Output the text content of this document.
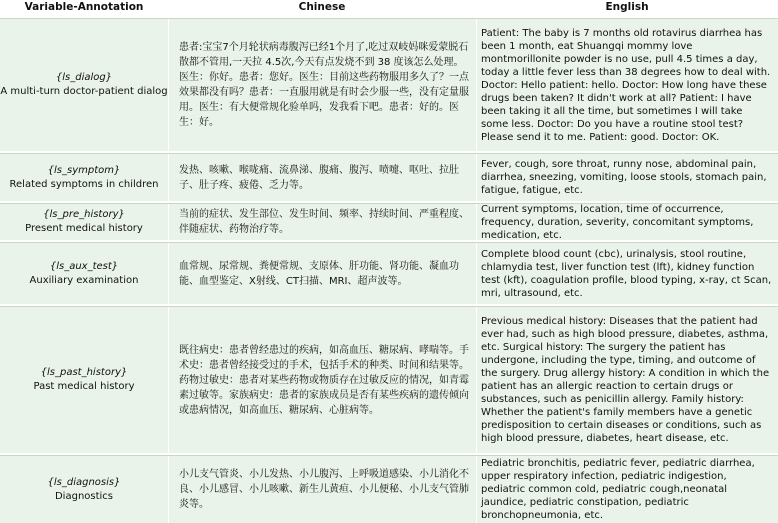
Variable-Annotation	Chinese	English
{ls_dialog}
A multi-turn doctor-patient dialog
患者:宝宝7个月轮状病毒腹泻已经1个月了,吃过双岐妈咪爱蒙脱石散都不管用,一天拉 4.5次,今天有点发烧不到 38 度该怎么处理。医生：你好。患者：您好。医生：目前这些药物服用多久了？一点效果都没有吗？患者：一直服用就是有时会少服一些，没有定量服用。医生：有大便常规化验单吗，发我看下吧。患者：好的。医生：好。
Patient: The baby is 7 months old rotavirus diarrhea has been 1 month, eat Shuangqi mommy love montmorillonite powder is no use, pull 4.5 times a day, today a little fever less than 38 degrees how to deal with. Doctor: Hello patient: hello. Doctor: How long have these drugs been taken? It didn't work at all? Patient: I have been taking it all the time, but sometimes I will take some less. Doctor: Do you have a routine stool test? Please send it to me. Patient: good. Doctor: OK.
{ls_symptom}
Related symptoms in children
发热、咳嗽、喉咙痛、流鼻涕、腹痛、腹泻、喷嚏、呕吐、拉肚子、肚子疼、疲倦、乏力等。
Fever, cough, sore throat, runny nose, abdominal pain, diarrhea, sneezing, vomiting, loose stools, stomach pain, fatigue, fatigue, etc.
{ls_pre_history}
Present medical history
当前的症状、发生部位、发生时间、频率、持续时间、严重程度、伴随症状、药物治疗等。
Current symptoms, location, time of occurrence, frequency, duration, severity, concomitant symptoms, medication, etc.
{ls_aux_test}
Auxiliary examination
血常规、尿常规、粪便常规、支原体、肝功能、肾功能、凝血功能、血型鉴定、X射线、CT扫描、MRI、超声波等。
Complete blood count (cbc), urinalysis, stool routine, chlamydia test, liver function test (lft), kidney function test (kft), coagulation profile, blood typing, x-ray, ct Scan, mri, ultrasound, etc.
{ls_past_history}
Past medical history
既往病史：患者曾经患过的疾病，如高血压、糖尿病、哮喘等。手术史：患者曾经接受过的手术，包括手术的种类、时间和结果等。药物过敏史：患者对某些药物或物质存在过敏反应的情况，如青霉素过敏等。家族病史：患者的家族成员是否有某些疾病的遗传倾向或患病情况，如高血压、糖尿病、心脏病等。
Previous medical history: Diseases that the patient had ever had, such as high blood pressure, diabetes, asthma, etc. Surgical history: The surgery the patient has undergone, including the type, timing, and outcome of the surgery. Drug allergy history: A condition in which the patient has an allergic reaction to certain drugs or substances, such as penicillin allergy. Family history: Whether the patient's family members have a genetic predisposition to certain diseases or conditions, such as high blood pressure, diabetes, heart disease, etc.
{ls_diagnosis}
Diagnostics
小儿支气管炎、小儿发热、小儿腹泻、上呼吸道感染、小儿消化不良、小儿感冒、小儿咳嗽、新生儿黄疸、小儿便秘、小儿支气管肺炎等。
Pediatric bronchitis, pediatric fever, pediatric diarrhea, upper respiratory infection, pediatric indigestion, pediatric common cold, pediatric cough,neonatal jaundice, pediatric constipation, pediatric bronchopneumonia, etc.
